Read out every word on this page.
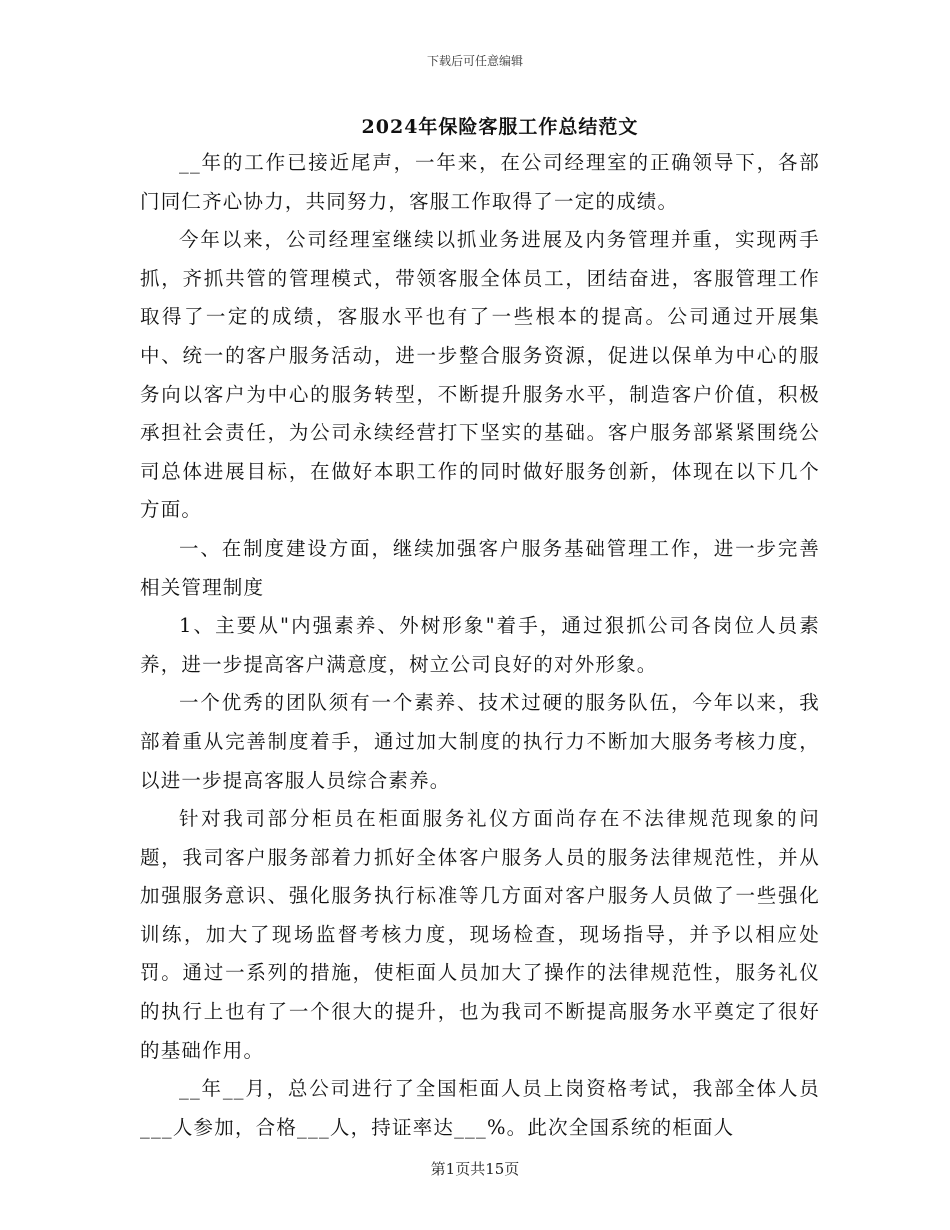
下载后可任意编辑
2024年保险客服工作总结范文

__年的工作已接近尾声，一年来，在公司经理室的正确领导下，各部门同仁齐心协力，共同努力，客服工作取得了一定的成绩。

今年以来，公司经理室继续以抓业务进展及内务管理并重，实现两手抓，齐抓共管的管理模式，带领客服全体员工，团结奋进，客服管理工作取得了一定的成绩，客服水平也有了一些根本的提高。公司通过开展集中、统一的客户服务活动，进一步整合服务资源，促进以保单为中心的服务向以客户为中心的服务转型，不断提升服务水平，制造客户价值，积极承担社会责任，为公司永续经营打下坚实的基础。客户服务部紧紧围绕公司总体进展目标，在做好本职工作的同时做好服务创新，体现在以下几个方面。

一、在制度建设方面，继续加强客户服务基础管理工作，进一步完善相关管理制度

1、主要从"内强素养、外树形象"着手，通过狠抓公司各岗位人员素养，进一步提高客户满意度，树立公司良好的对外形象。

一个优秀的团队须有一个素养、技术过硬的服务队伍，今年以来，我部着重从完善制度着手，通过加大制度的执行力不断加大服务考核力度，以进一步提高客服人员综合素养。

针对我司部分柜员在柜面服务礼仪方面尚存在不法律规范现象的问题，我司客户服务部着力抓好全体客户服务人员的服务法律规范性，并从加强服务意识、强化服务执行标准等几方面对客户服务人员做了一些强化训练，加大了现场监督考核力度，现场检查，现场指导，并予以相应处罚。通过一系列的措施，使柜面人员加大了操作的法律规范性，服务礼仪的执行上也有了一个很大的提升，也为我司不断提高服务水平奠定了很好的基础作用。

__年__月，总公司进行了全国柜面人员上岗资格考试，我部全体人员___人参加，合格___人，持证率达___%。此次全国系统的柜面人

第1页共15页
